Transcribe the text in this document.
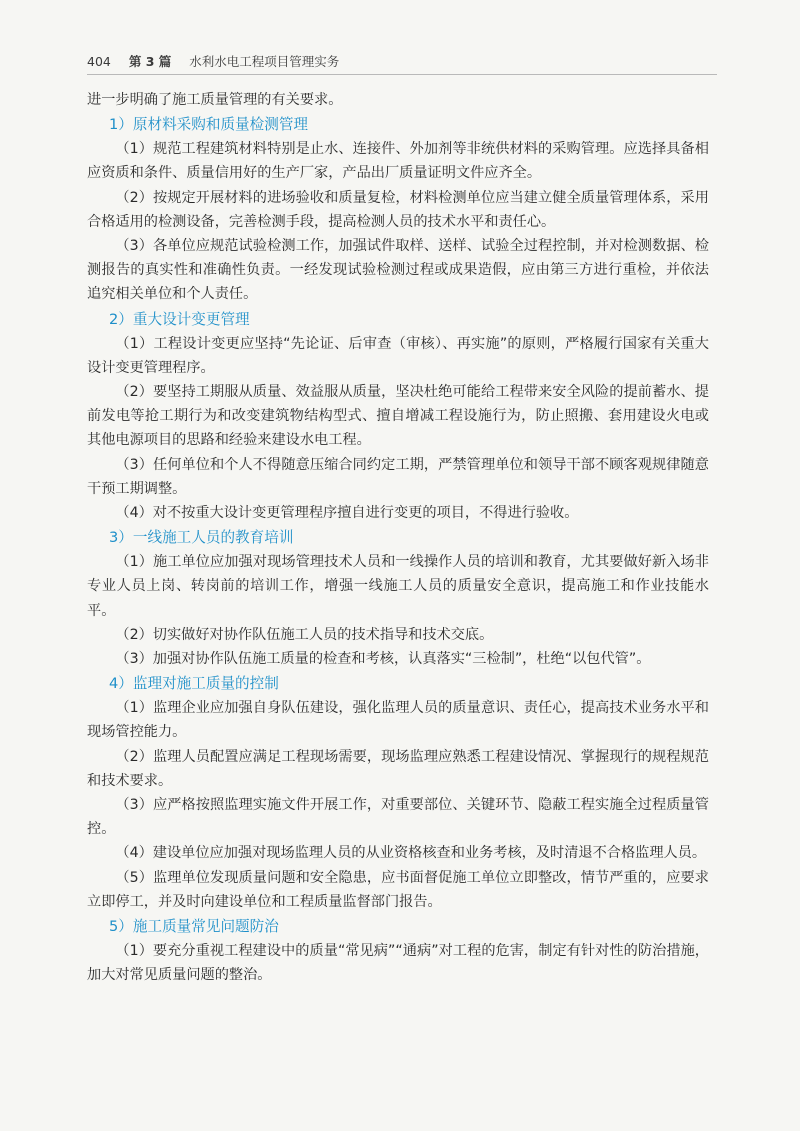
404 第 3 篇 水利水电工程项目管理实务

进一步明确了施工质量管理的有关要求。

1）原材料采购和质量检测管理

（1）规范工程建筑材料特别是止水、连接件、外加剂等非统供材料的采购管理。应选择具备相应资质和条件、质量信用好的生产厂家，产品出厂质量证明文件应齐全。

（2）按规定开展材料的进场验收和质量复检，材料检测单位应当建立健全质量管理体系，采用合格适用的检测设备，完善检测手段，提高检测人员的技术水平和责任心。

（3）各单位应规范试验检测工作，加强试件取样、送样、试验全过程控制，并对检测数据、检测报告的真实性和准确性负责。一经发现试验检测过程或成果造假，应由第三方进行重检，并依法追究相关单位和个人责任。

2）重大设计变更管理

（1）工程设计变更应坚持“先论证、后审查（审核）、再实施”的原则，严格履行国家有关重大设计变更管理程序。

（2）要坚持工期服从质量、效益服从质量，坚决杜绝可能给工程带来安全风险的提前蓄水、提前发电等抢工期行为和改变建筑物结构型式、擅自增减工程设施行为，防止照搬、套用建设火电或其他电源项目的思路和经验来建设水电工程。

（3）任何单位和个人不得随意压缩合同约定工期，严禁管理单位和领导干部不顾客观规律随意干预工期调整。

（4）对不按重大设计变更管理程序擅自进行变更的项目，不得进行验收。

3）一线施工人员的教育培训

（1）施工单位应加强对现场管理技术人员和一线操作人员的培训和教育，尤其要做好新入场非专业人员上岗、转岗前的培训工作，增强一线施工人员的质量安全意识，提高施工和作业技能水平。

（2）切实做好对协作队伍施工人员的技术指导和技术交底。

（3）加强对协作队伍施工质量的检查和考核，认真落实“三检制”，杜绝“以包代管”。

4）监理对施工质量的控制

（1）监理企业应加强自身队伍建设，强化监理人员的质量意识、责任心，提高技术业务水平和现场管控能力。

（2）监理人员配置应满足工程现场需要，现场监理应熟悉工程建设情况、掌握现行的规程规范和技术要求。

（3）应严格按照监理实施文件开展工作，对重要部位、关键环节、隐蔽工程实施全过程质量管控。

（4）建设单位应加强对现场监理人员的从业资格核查和业务考核，及时清退不合格监理人员。

（5）监理单位发现质量问题和安全隐患，应书面督促施工单位立即整改，情节严重的，应要求立即停工，并及时向建设单位和工程质量监督部门报告。

5）施工质量常见问题防治

（1）要充分重视工程建设中的质量“常见病”“通病”对工程的危害，制定有针对性的防治措施，加大对常见质量问题的整治。
